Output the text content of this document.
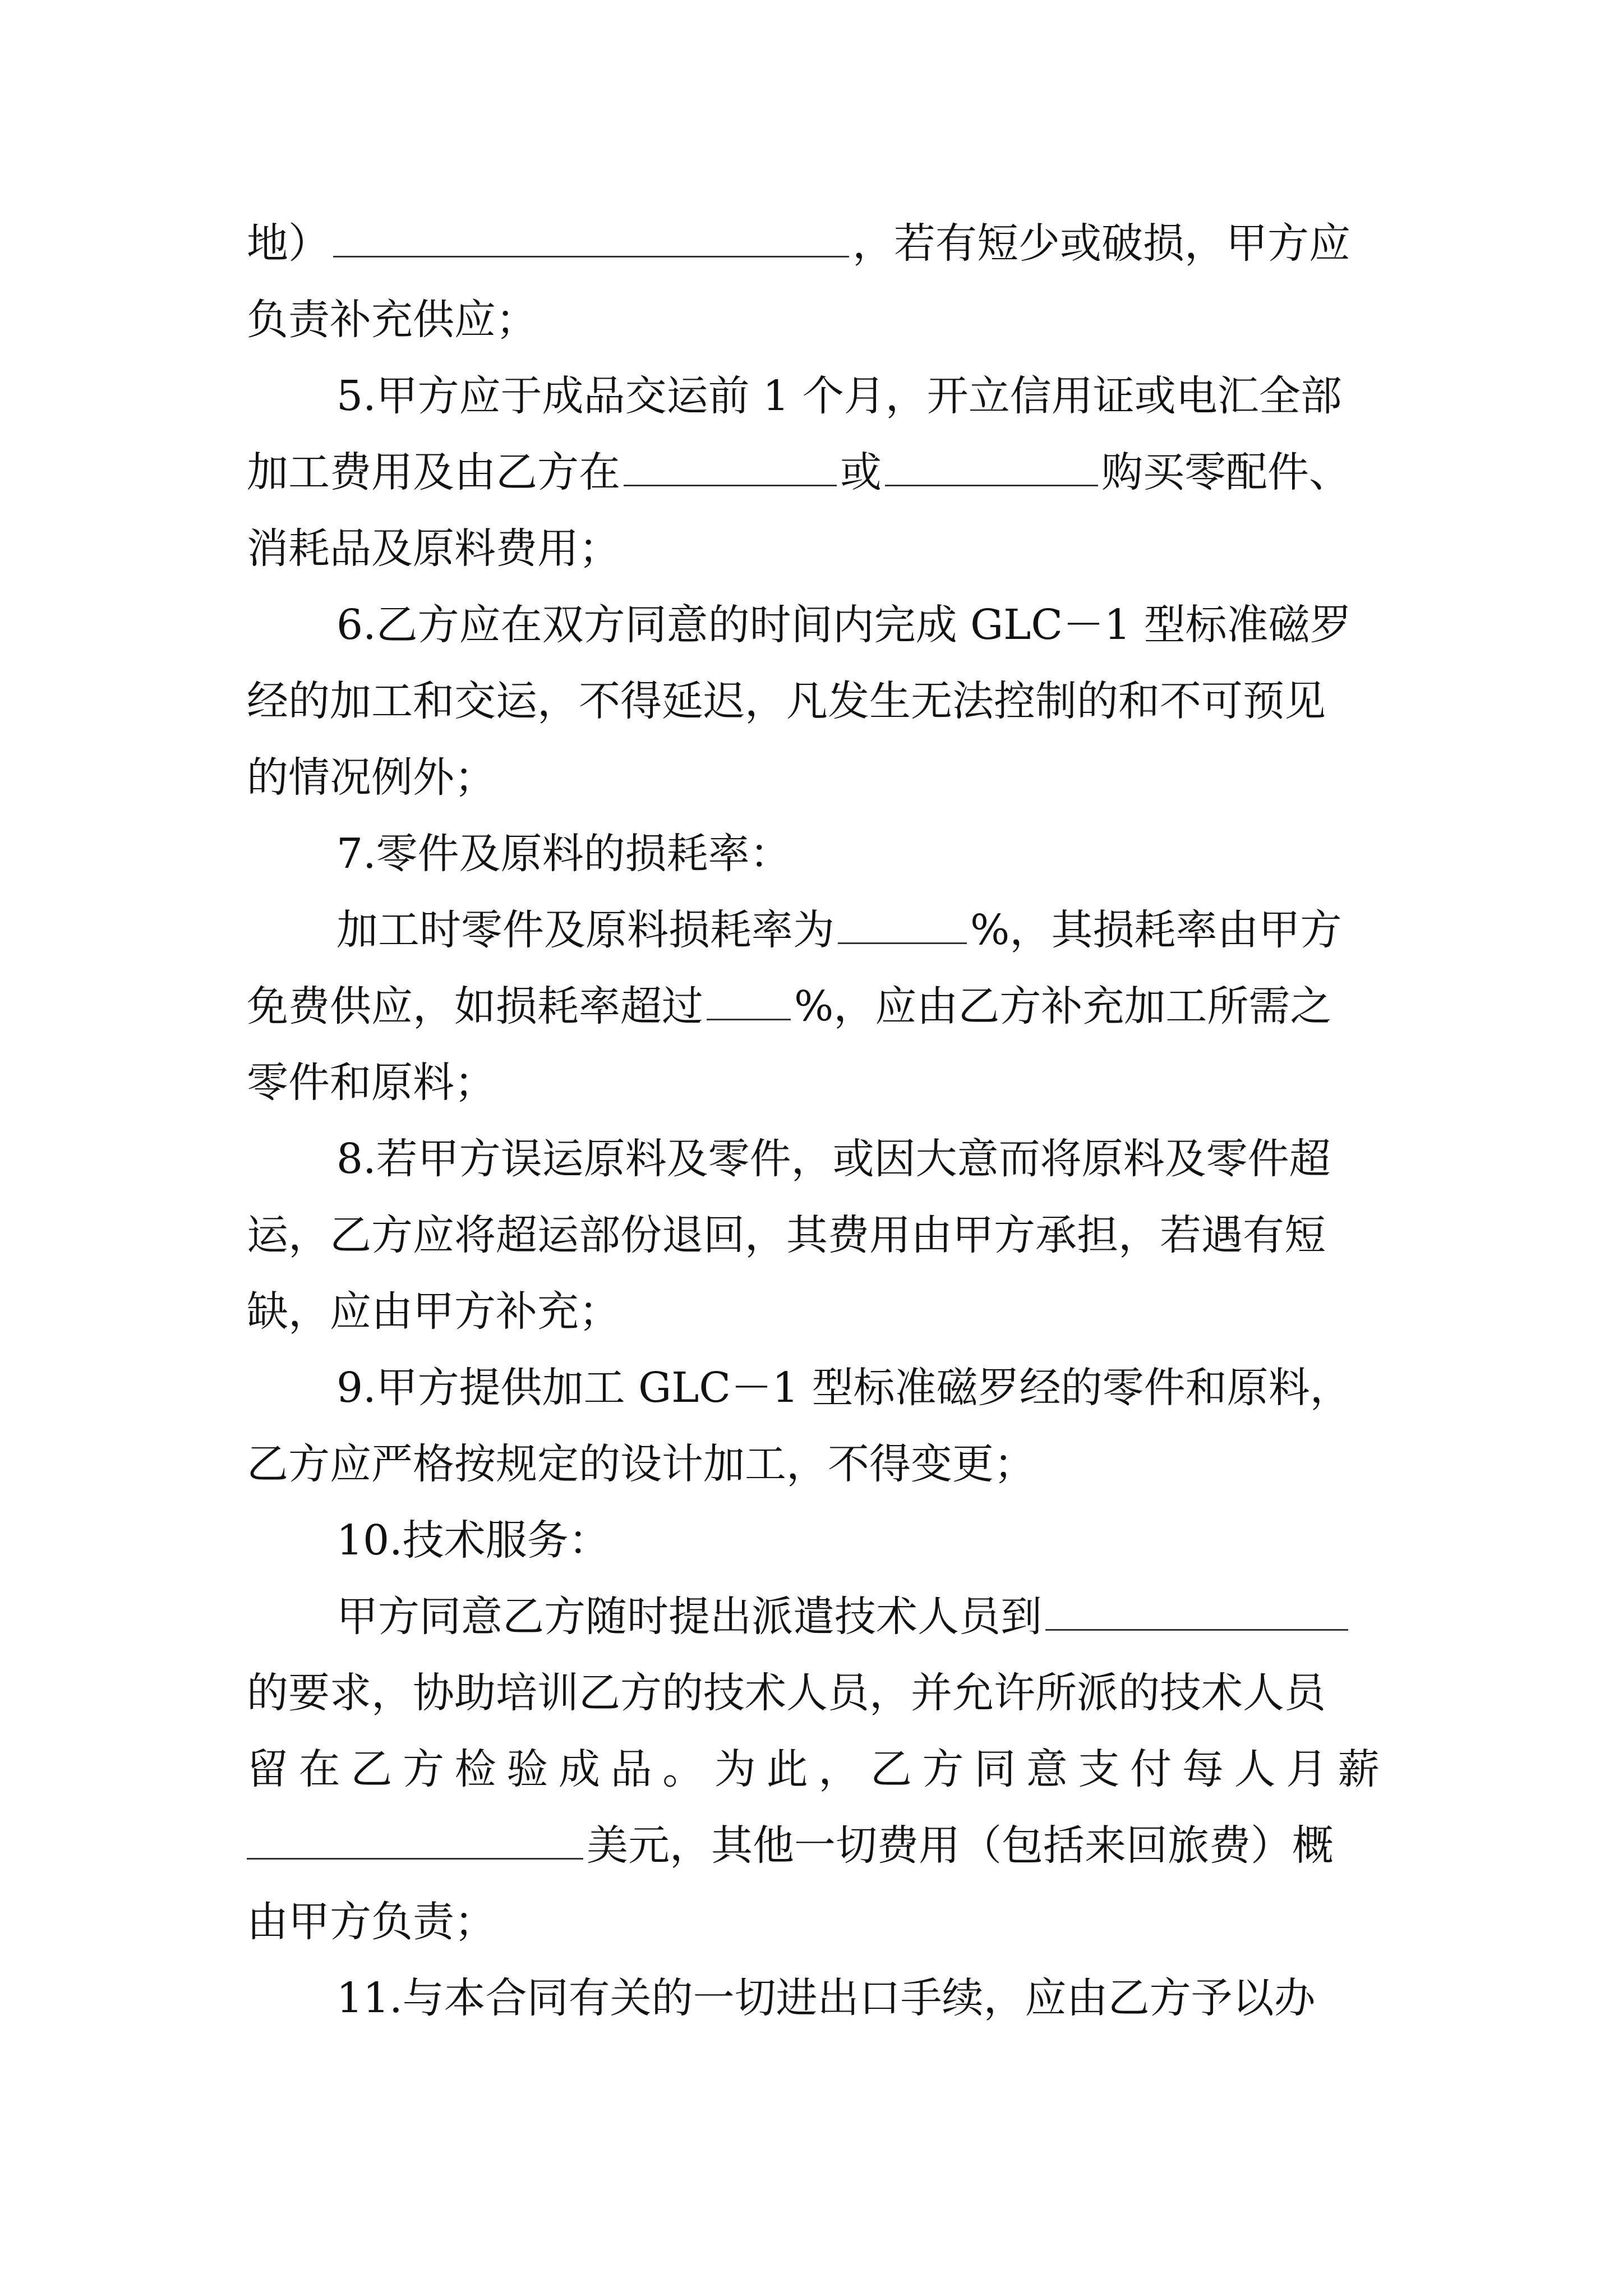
地）	，若有短少或破损，甲方应
负责补充供应；
5.甲方应于成品交运前 1 个月，开立信用证或电汇全部
加工费用及由乙方在	或	购买零配件、
消耗品及原料费用；
6.乙方应在双方同意的时间内完成 GLC－1 型标准磁罗
经的加工和交运，不得延迟，凡发生无法控制的和不可预见
的情况例外；
7.零件及原料的损耗率：
加工时零件及原料损耗率为	%，其损耗率由甲方
免费供应，如损耗率超过 %，应由乙方补充加工所需之
零件和原料；
8.若甲方误运原料及零件，或因大意而将原料及零件超
运，乙方应将超运部份退回，其费用由甲方承担，若遇有短
缺，应由甲方补充；
9.甲方提供加工 GLC－1 型标准磁罗经的零件和原料，
乙方应严格按规定的设计加工，不得变更；
10.技术服务：
甲方同意乙方随时提出派遣技术人员到
的要求，协助培训乙方的技术人员，并允许所派的技术人员
留 在 乙 方 检 验 成 品 。 为 此 ， 乙 方 同 意 支 付 每 人 月 薪
美元，其他一切费用（包括来回旅费）概
由甲方负责；
11.与本合同有关的一切进出口手续，应由乙方予以办
